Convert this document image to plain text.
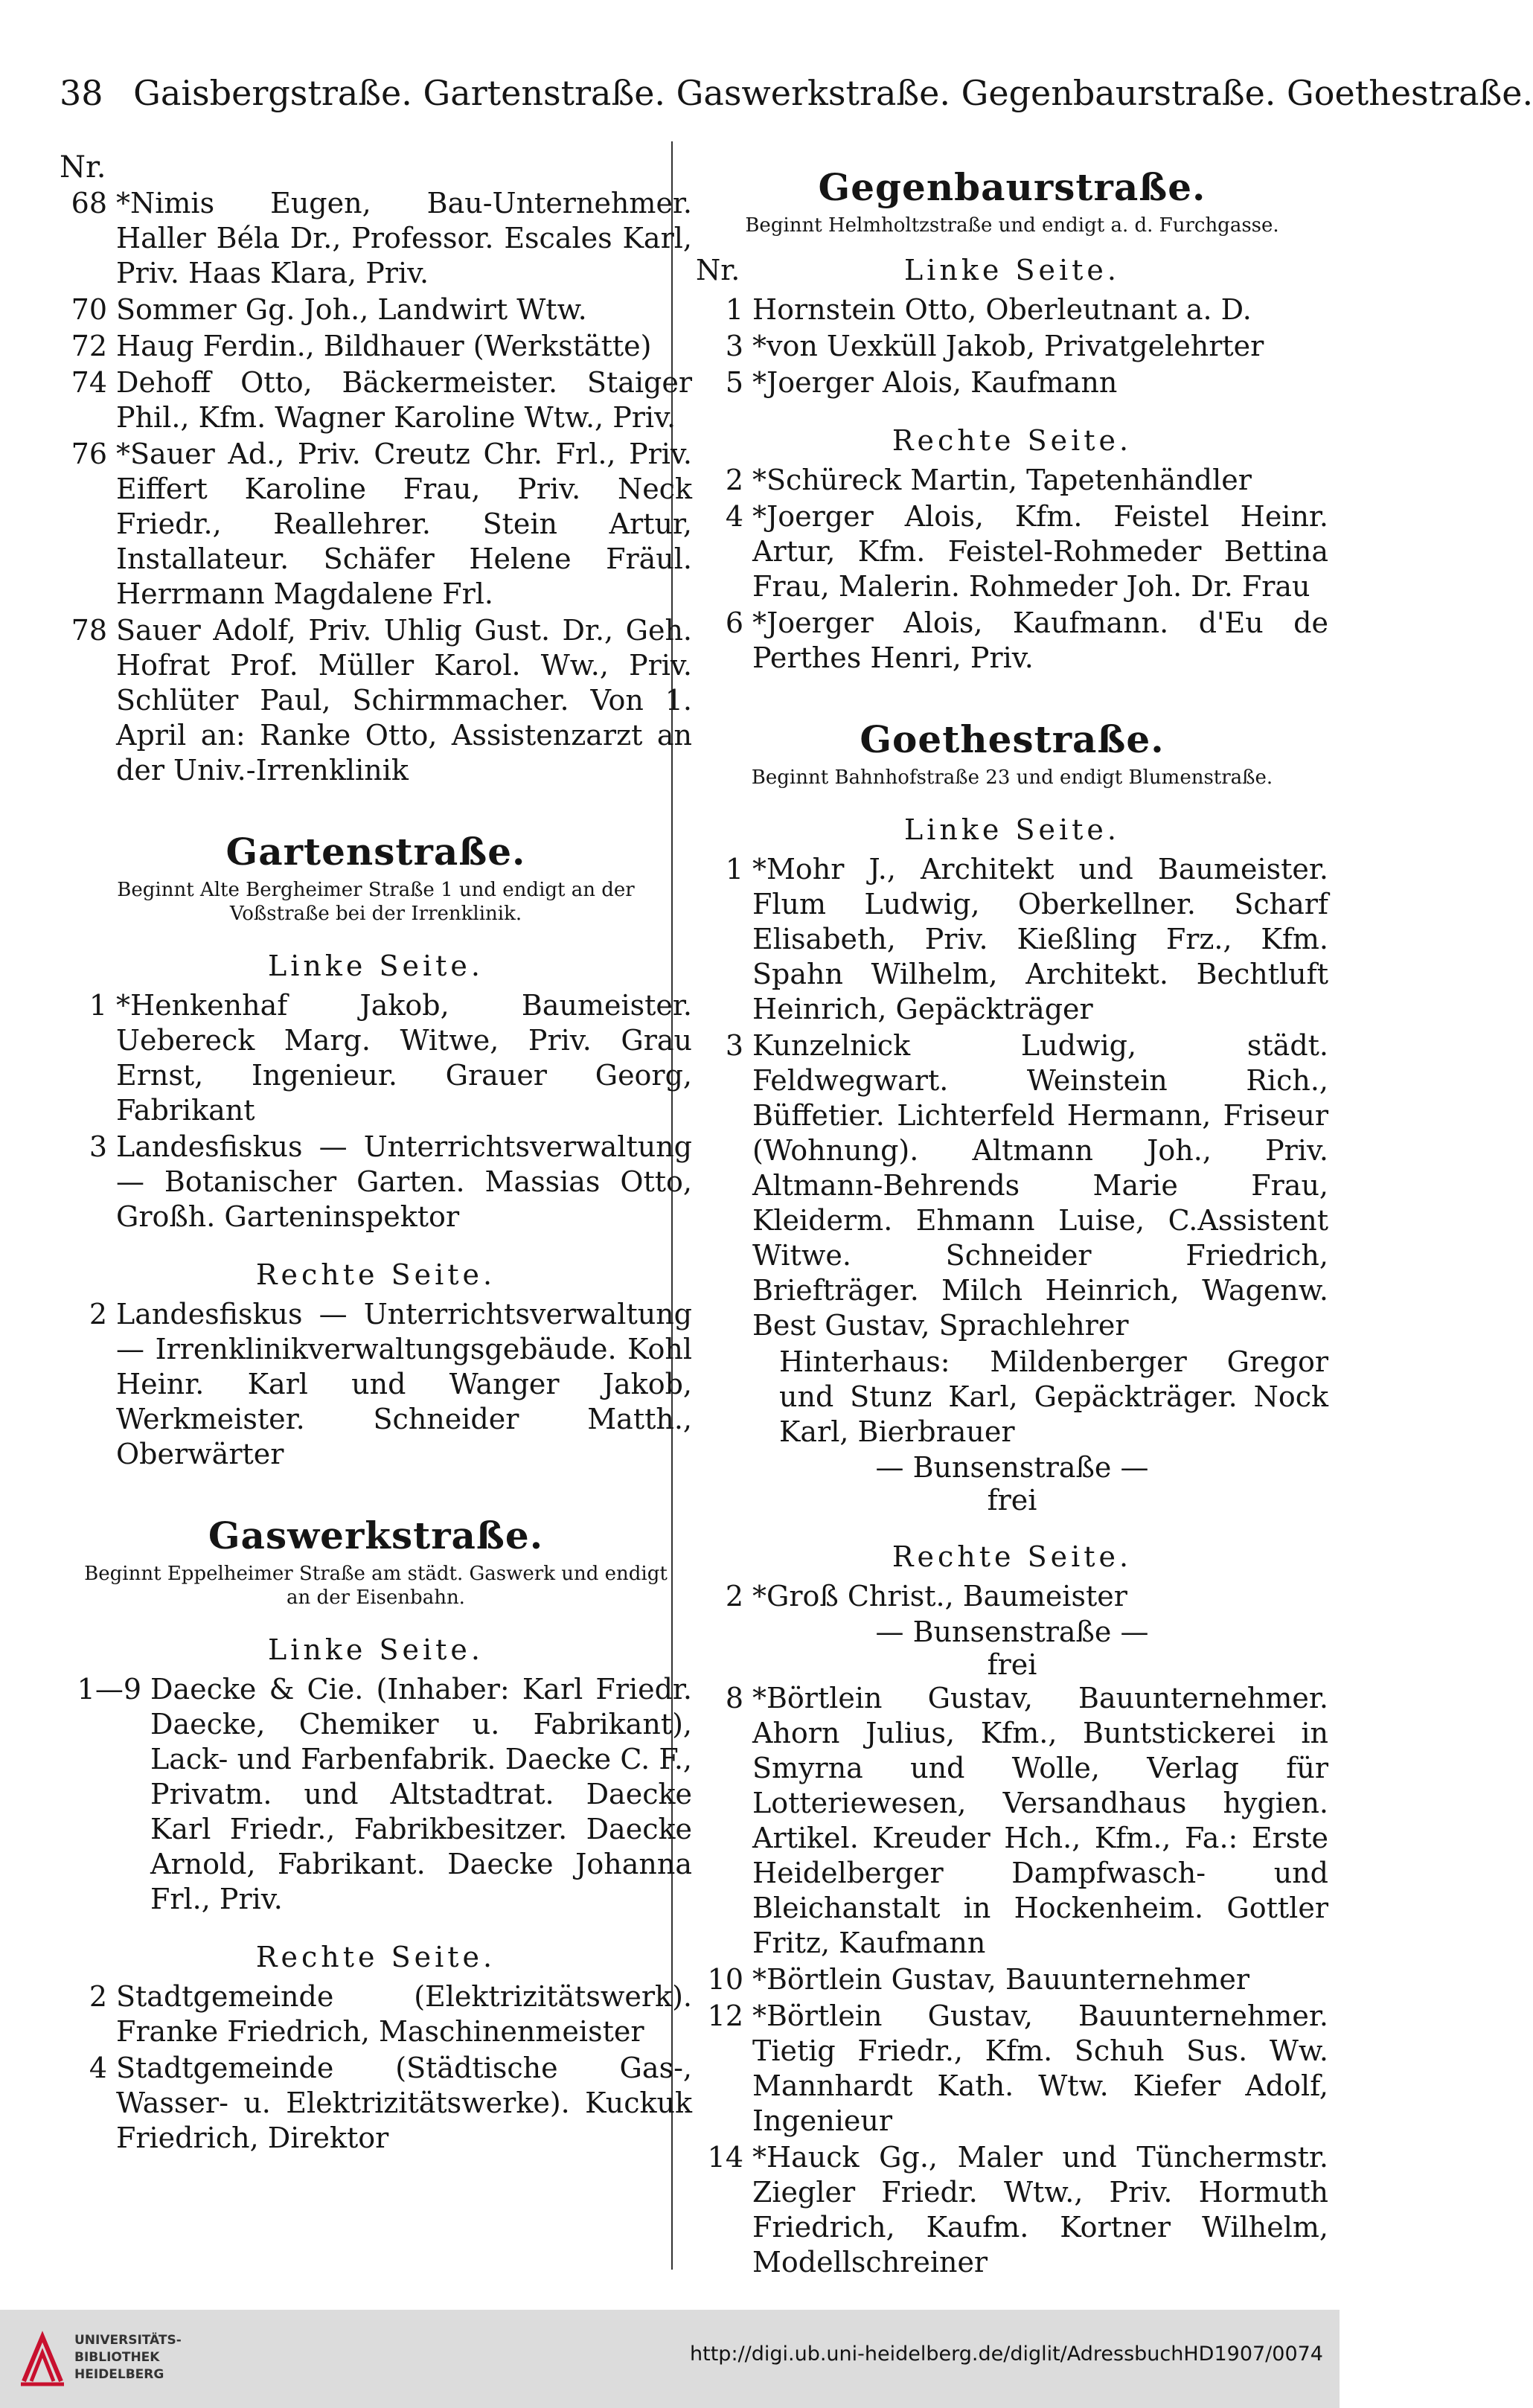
38 Gaisbergstraße. Gartenstraße. Gaswerkstraße. Gegenbaurstraße. Goethestraße.
Nr.
68 *Nimis Eugen, Bau-Unternehmer. Haller Béla Dr., Professor. Escales Karl, Priv. Haas Klara, Priv.
70 Sommer Gg. Joh., Landwirt Wtw.
72 Haug Ferdin., Bildhauer (Werkstätte)
74 Dehoff Otto, Bäckermeister. Staiger Phil., Kfm. Wagner Karoline Wtw., Priv.
76 *Sauer Ad., Priv. Creutz Chr. Frl., Priv. Eiffert Karoline Frau, Priv. Neck Friedr., Reallehrer. Stein Artur, Installateur. Schäfer Helene Fräul. Herrmann Magdalene Frl.
78 Sauer Adolf, Priv. Uhlig Gust. Dr., Geh. Hofrat Prof. Müller Karol. Ww., Priv. Schlüter Paul, Schirmmacher. Von 1. April an: Ranke Otto, Assistenzarzt an der Univ.-Irrenklinik
Gartenstraße.
Beginnt Alte Bergheimer Straße 1 und endigt an der Voßstraße bei der Irrenklinik.
Linke Seite.
1 *Henkenhaf Jakob, Baumeister. Uebereck Marg. Witwe, Priv. Grau Ernst, Ingenieur. Grauer Georg, Fabrikant
3 Landesfiskus — Unterrichtsverwaltung — Botanischer Garten. Massias Otto, Großh. Garteninspektor
Rechte Seite.
2 Landesfiskus — Unterrichtsverwaltung — Irrenklinikverwaltungsgebäude. Kohl Heinr. Karl und Wanger Jakob, Werkmeister. Schneider Matth., Oberwärter
Gaswerkstraße.
Beginnt Eppelheimer Straße am städt. Gaswerk und endigt an der Eisenbahn.
Linke Seite.
1—9 Daecke & Cie. (Inhaber: Karl Friedr. Daecke, Chemiker u. Fabrikant), Lack- und Farbenfabrik. Daecke C. F., Privatm. und Altstadtrat. Daecke Karl Friedr., Fabrikbesitzer. Daecke Arnold, Fabrikant. Daecke Johanna Frl., Priv.
Rechte Seite.
2 Stadtgemeinde (Elektrizitätswerk). Franke Friedrich, Maschinenmeister
4 Stadtgemeinde (Städtische Gas-, Wasser- u. Elektrizitätswerke). Kuckuk Friedrich, Direktor
Gegenbaurstraße.
Beginnt Helmholtzstraße und endigt a. d. Furchgasse.
Nr.	Linke Seite.
1 Hornstein Otto, Oberleutnant a. D.
3 *von Uexküll Jakob, Privatgelehrter
5 *Joerger Alois, Kaufmann
Rechte Seite.
2 *Schüreck Martin, Tapetenhändler
4 *Joerger Alois, Kfm. Feistel Heinr. Artur, Kfm. Feistel-Rohmeder Bettina Frau, Malerin. Rohmeder Joh. Dr. Frau
6 *Joerger Alois, Kaufmann. d'Eu de Perthes Henri, Priv.
Goethestraße.
Beginnt Bahnhofstraße 23 und endigt Blumenstraße.
Linke Seite.
1 *Mohr J., Architekt und Baumeister. Flum Ludwig, Oberkellner. Scharf Elisabeth, Priv. Kießling Frz., Kfm. Spahn Wilhelm, Architekt. Bechtluft Heinrich, Gepäckträger
3 Kunzelnick Ludwig, städt. Feldwegwart. Weinstein Rich., Büffetier. Lichterfeld Hermann, Friseur (Wohnung). Altmann Joh., Priv. Altmann-Behrends Marie Frau, Kleiderm. Ehmann Luise, C.Assistent Witwe. Schneider Friedrich, Briefträger. Milch Heinrich, Wagenw. Best Gustav, Sprachlehrer
Hinterhaus: Mildenberger Gregor und Stunz Karl, Gepäckträger. Nock Karl, Bierbrauer
— Bunsenstraße —
frei
Rechte Seite.
2 *Groß Christ., Baumeister
— Bunsenstraße —
frei
8 *Börtlein Gustav, Bauunternehmer. Ahorn Julius, Kfm., Buntstickerei in Smyrna und Wolle, Verlag für Lotteriewesen, Versandhaus hygien. Artikel. Kreuder Hch., Kfm., Fa.: Erste Heidelberger Dampfwasch- und Bleichanstalt in Hockenheim. Gottler Fritz, Kaufmann
10 *Börtlein Gustav, Bauunternehmer
12 *Börtlein Gustav, Bauunternehmer. Tietig Friedr., Kfm. Schuh Sus. Ww. Mannhardt Kath. Wtw. Kiefer Adolf, Ingenieur
14 *Hauck Gg., Maler und Tünchermstr. Ziegler Friedr. Wtw., Priv. Hormuth Friedrich, Kaufm. Kortner Wilhelm, Modellschreiner
UNIVERSITÄTS-
BIBLIOTHEK
HEIDELBERG
http://digi.ub.uni-heidelberg.de/diglit/AdressbuchHD1907/0074
